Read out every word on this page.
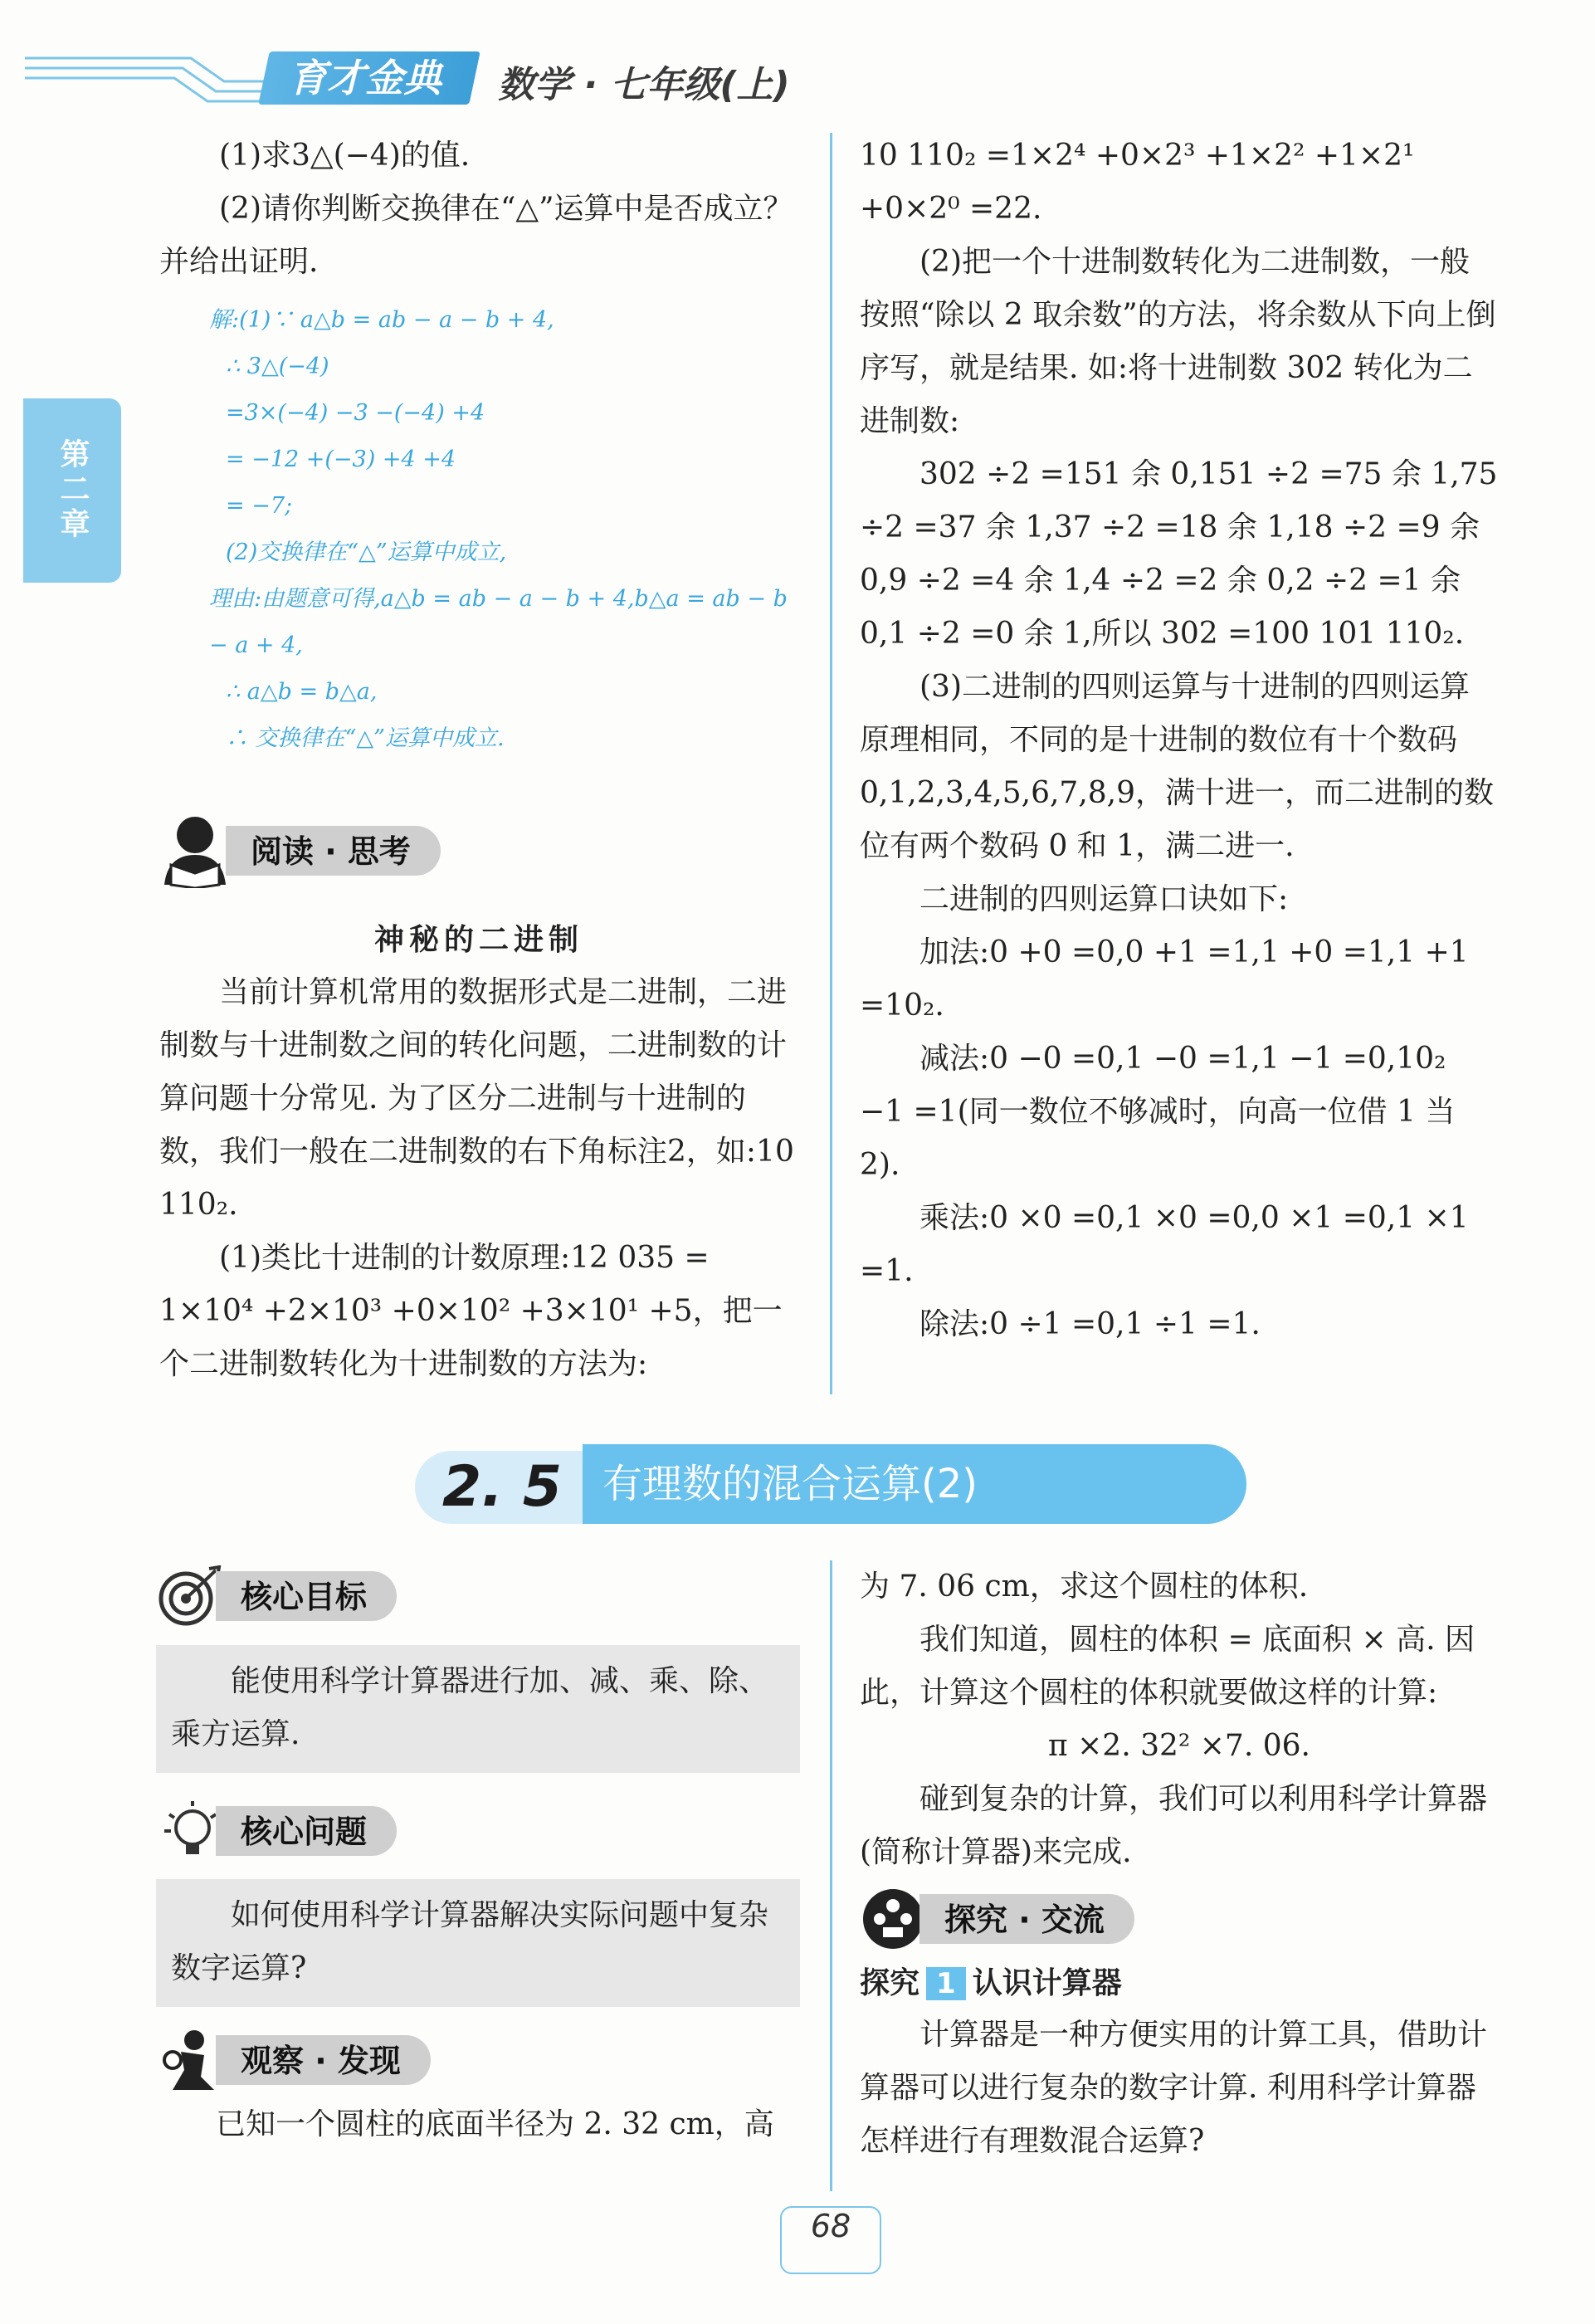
育才金典	数学 · 七年级(上)
第二章

(1)求3△(−4)的值.

(2)请你判断交换律在“△”运算中是否成立？并给出证明.

解:(1)∵ a△b = ab − a − b + 4,

∴ 3△(−4)

=3×(−4) −3 −(−4) +4

= −12 +(−3) +4 +4

= −7;

(2)交换律在“△”运算中成立,

理由:由题意可得,a△b = ab − a − b + 4,b△a = ab − b − a + 4,

∴ a△b = b△a,

∴ 交换律在“△”运算中成立.

阅读 · 思考

神秘的二进制

当前计算机常用的数据形式是二进制，二进制数与十进制数之间的转化问题，二进制数的计算问题十分常见. 为了区分二进制与十进制的数，我们一般在二进制数的右下角标注2，如:10 110₂.

(1)类比十进制的计数原理:12 035 = 1×10⁴ +2×10³ +0×10² +3×10¹ +5，把一个二进制数转化为十进制数的方法为:

10 110₂ =1×2⁴ +0×2³ +1×2² +1×2¹ +0×2⁰ =22.

(2)把一个十进制数转化为二进制数，一般按照“除以 2 取余数”的方法，将余数从下向上倒序写，就是结果. 如:将十进制数 302 转化为二进制数:

302 ÷2 =151 余 0,151 ÷2 =75 余 1,75 ÷2 =37 余 1,37 ÷2 =18 余 1,18 ÷2 =9 余 0,9 ÷2 =4 余 1,4 ÷2 =2 余 0,2 ÷2 =1 余 0,1 ÷2 =0 余 1,所以 302 =100 101 110₂.

(3)二进制的四则运算与十进制的四则运算原理相同，不同的是十进制的数位有十个数码0,1,2,3,4,5,6,7,8,9，满十进一，而二进制的数位有两个数码 0 和 1，满二进一.

二进制的四则运算口诀如下:

加法:0 +0 =0,0 +1 =1,1 +0 =1,1 +1 =10₂.

减法:0 −0 =0,1 −0 =1,1 −1 =0,10₂ −1 =1(同一数位不够减时，向高一位借 1 当 2).

乘法:0 ×0 =0,1 ×0 =0,0 ×1 =0,1 ×1 =1.

除法:0 ÷1 =0,1 ÷1 =1.

2. 5	有理数的混合运算(2)
核心目标

能使用科学计算器进行加、减、乘、除、乘方运算.

核心问题

如何使用科学计算器解决实际问题中复杂数字运算?

观察 · 发现

已知一个圆柱的底面半径为 2. 32 cm，高

为 7. 06 cm，求这个圆柱的体积.

我们知道，圆柱的体积 = 底面积 × 高. 因此，计算这个圆柱的体积就要做这样的计算:

π ×2. 32² ×7. 06.

碰到复杂的计算，我们可以利用科学计算器(简称计算器)来完成.

探究 · 交流
探究 1 认识计算器

计算器是一种方便实用的计算工具，借助计算器可以进行复杂的数字计算. 利用科学计算器怎样进行有理数混合运算?

68
